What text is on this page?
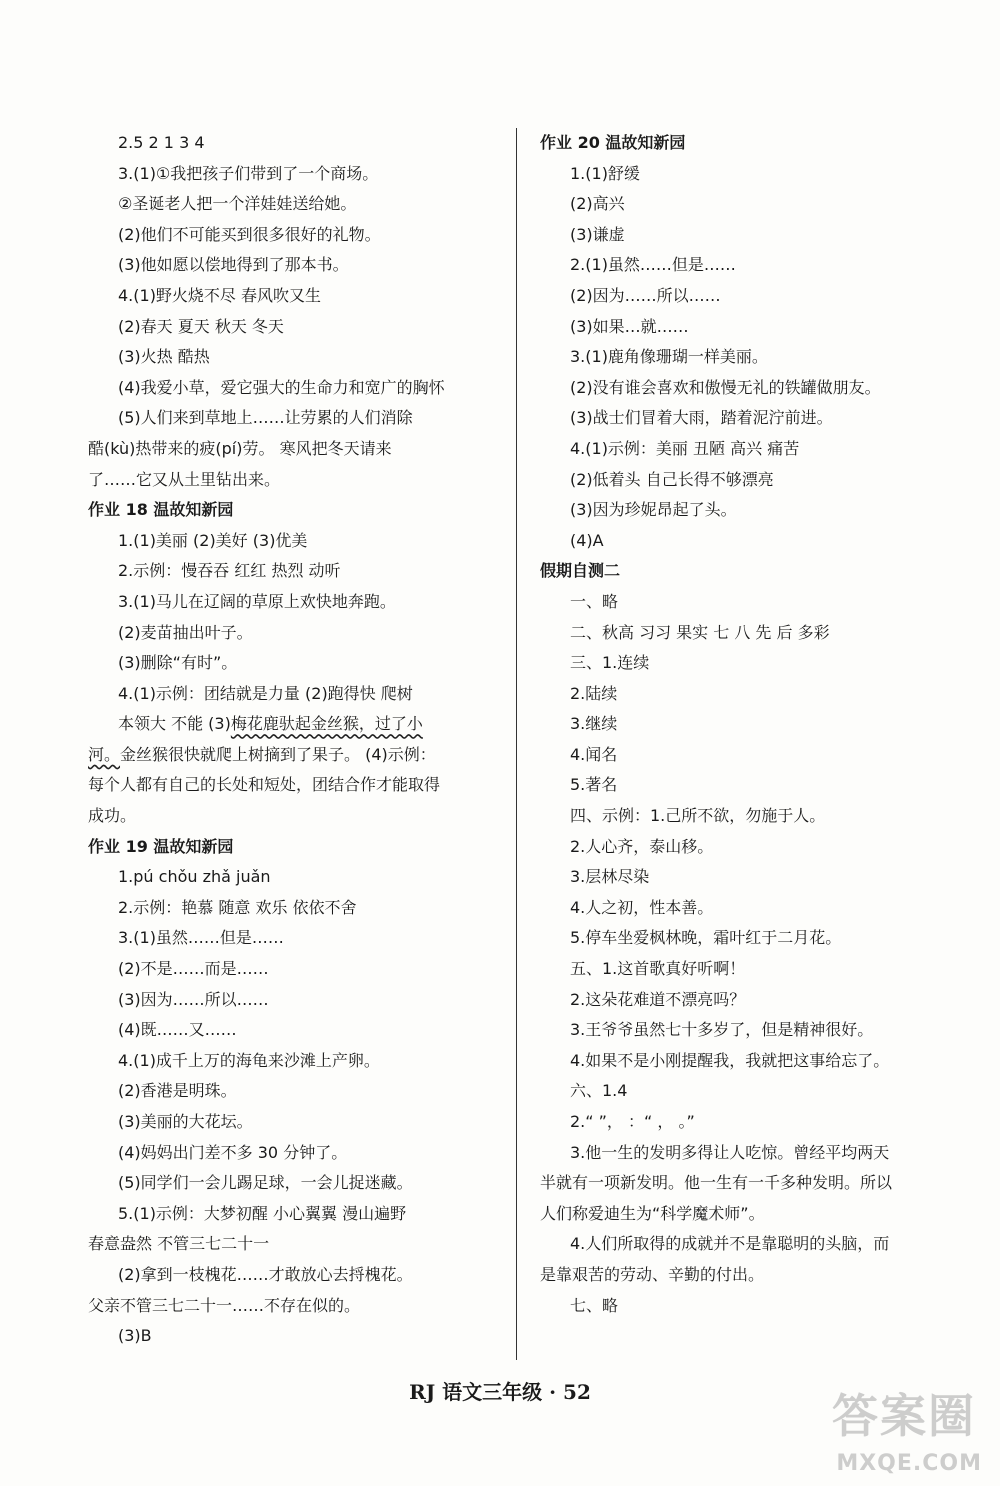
2.5 2 1 3 4
3.(1)①我把孩子们带到了一个商场。
②圣诞老人把一个洋娃娃送给她。
(2)他们不可能买到很多很好的礼物。
(3)他如愿以偿地得到了那本书。
4.(1)野火烧不尽 春风吹又生
(2)春天 夏天 秋天 冬天
(3)火热 酷热
(4)我爱小草，爱它强大的生命力和宽广的胸怀
(5)人们来到草地上……让劳累的人们消除
酷(kù)热带来的疲(pí)劳。 寒风把冬天请来
了……它又从土里钻出来。
作业 18 温故知新园
1.(1)美丽 (2)美好 (3)优美
2.示例：慢吞吞 红红 热烈 动听
3.(1)马儿在辽阔的草原上欢快地奔跑。
(2)麦苗抽出叶子。
(3)删除“有时”。
4.(1)示例：团结就是力量 (2)跑得快 爬树
本领大 不能 (3)梅花鹿驮起金丝猴，过了小
河。金丝猴很快就爬上树摘到了果子。 (4)示例：
每个人都有自己的长处和短处，团结合作才能取得
成功。
作业 19 温故知新园
1.pú chǒu zhǎ juǎn
2.示例：艳慕 随意 欢乐 依依不舍
3.(1)虽然……但是……
(2)不是……而是……
(3)因为……所以……
(4)既……又……
4.(1)成千上万的海龟来沙滩上产卵。
(2)香港是明珠。
(3)美丽的大花坛。
(4)妈妈出门差不多 30 分钟了。
(5)同学们一会儿踢足球，一会儿捉迷藏。
5.(1)示例：大梦初醒 小心翼翼 漫山遍野
春意盎然 不管三七二十一
(2)拿到一枝槐花……才敢放心去捋槐花。
父亲不管三七二十一……不存在似的。
(3)B
作业 20 温故知新园
1.(1)舒缓
(2)高兴
(3)谦虚
2.(1)虽然……但是……
(2)因为……所以……
(3)如果…就……
3.(1)鹿角像珊瑚一样美丽。
(2)没有谁会喜欢和傲慢无礼的铁罐做朋友。
(3)战士们冒着大雨，踏着泥泞前进。
4.(1)示例：美丽 丑陋 高兴 痛苦
(2)低着头 自己长得不够漂亮
(3)因为珍妮昂起了头。
(4)A
假期自测二
一、略
二、秋高 习习 果实 七 八 先 后 多彩
三、1.连续
2.陆续
3.继续
4.闻名
5.著名
四、示例：1.己所不欲，勿施于人。
2.人心齐，泰山移。
3.层林尽染
4.人之初，性本善。
5.停车坐爱枫林晚，霜叶红于二月花。
五、1.这首歌真好听啊！
2.这朵花难道不漂亮吗？
3.王爷爷虽然七十多岁了，但是精神很好。
4.如果不是小刚提醒我，我就把这事给忘了。
六、1.4
2.“ ”， ：“ ， 。”
3.他一生的发明多得让人吃惊。曾经平均两天
半就有一项新发明。他一生有一千多种发明。所以
人们称爱迪生为“科学魔术师”。
4.人们所取得的成就并不是靠聪明的头脑，而
是靠艰苦的劳动、辛勤的付出。
七、略
RJ 语文三年级 · 52	答案圈
MXQE.COM
